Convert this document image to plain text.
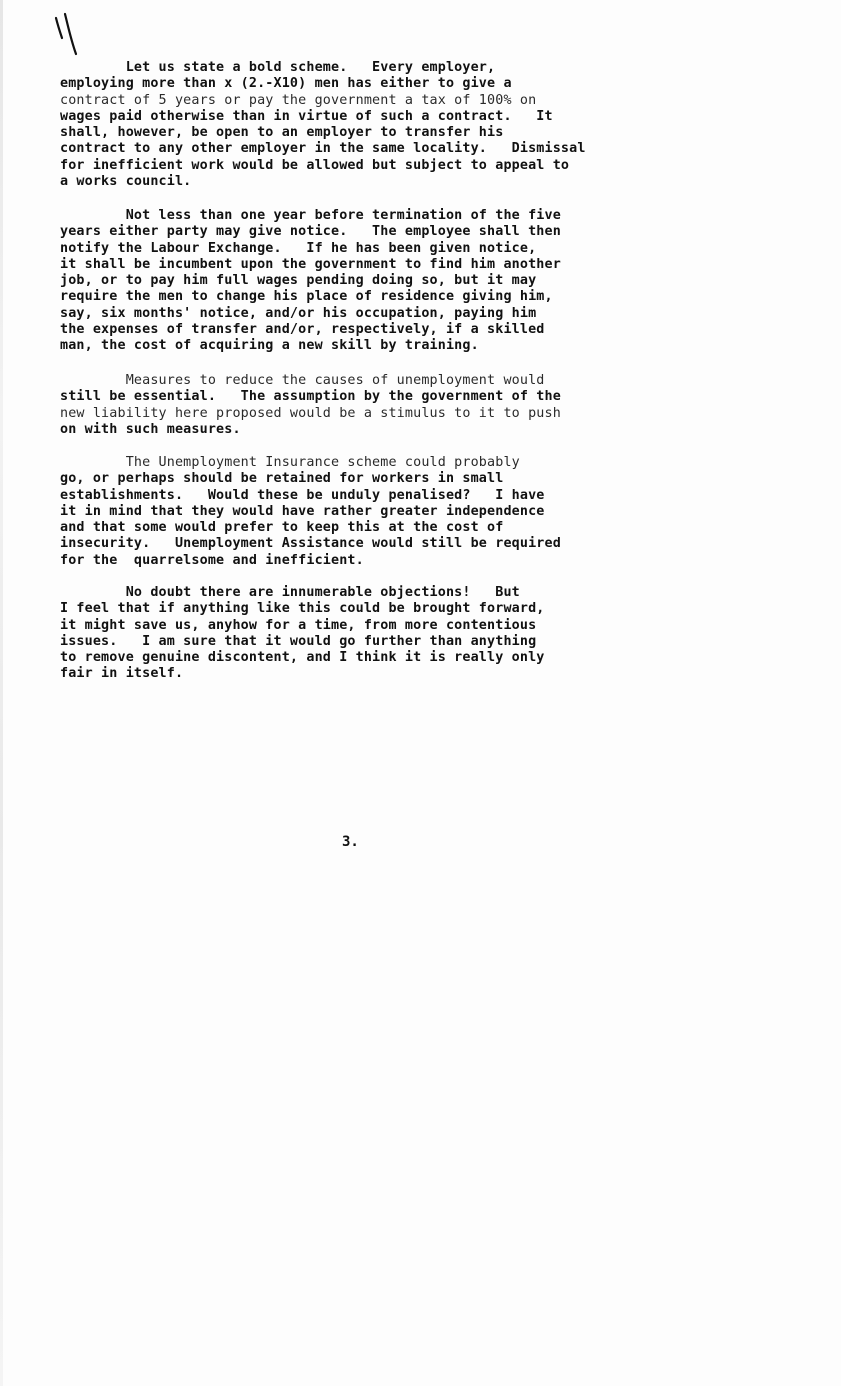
Let us state a bold scheme.   Every employer,
employing more than x (2.-X10) men has either to give a
contract of 5 years or pay the government a tax of 100% on
wages paid otherwise than in virtue of such a contract.   It
shall, however, be open to an employer to transfer his
contract to any other employer in the same locality.   Dismissal
for inefficient work would be allowed but subject to appeal to
a works council.
Not less than one year before termination of the five
years either party may give notice.   The employee shall then
notify the Labour Exchange.   If he has been given notice,
it shall be incumbent upon the government to find him another
job, or to pay him full wages pending doing so, but it may
require the men to change his place of residence giving him,
say, six months' notice, and/or his occupation, paying him
the expenses of transfer and/or, respectively, if a skilled
man, the cost of acquiring a new skill by training.
Measures to reduce the causes of unemployment would
still be essential.   The assumption by the government of the
new liability here proposed would be a stimulus to it to push
on with such measures.
The Unemployment Insurance scheme could probably
go, or perhaps should be retained for workers in small
establishments.   Would these be unduly penalised?   I have
it in mind that they would have rather greater independence
and that some would prefer to keep this at the cost of
insecurity.   Unemployment Assistance would still be required
for the  quarrelsome and inefficient.
No doubt there are innumerable objections!   But
I feel that if anything like this could be brought forward,
it might save us, anyhow for a time, from more contentious
issues.   I am sure that it would go further than anything
to remove genuine discontent, and I think it is really only
fair in itself.
3.
